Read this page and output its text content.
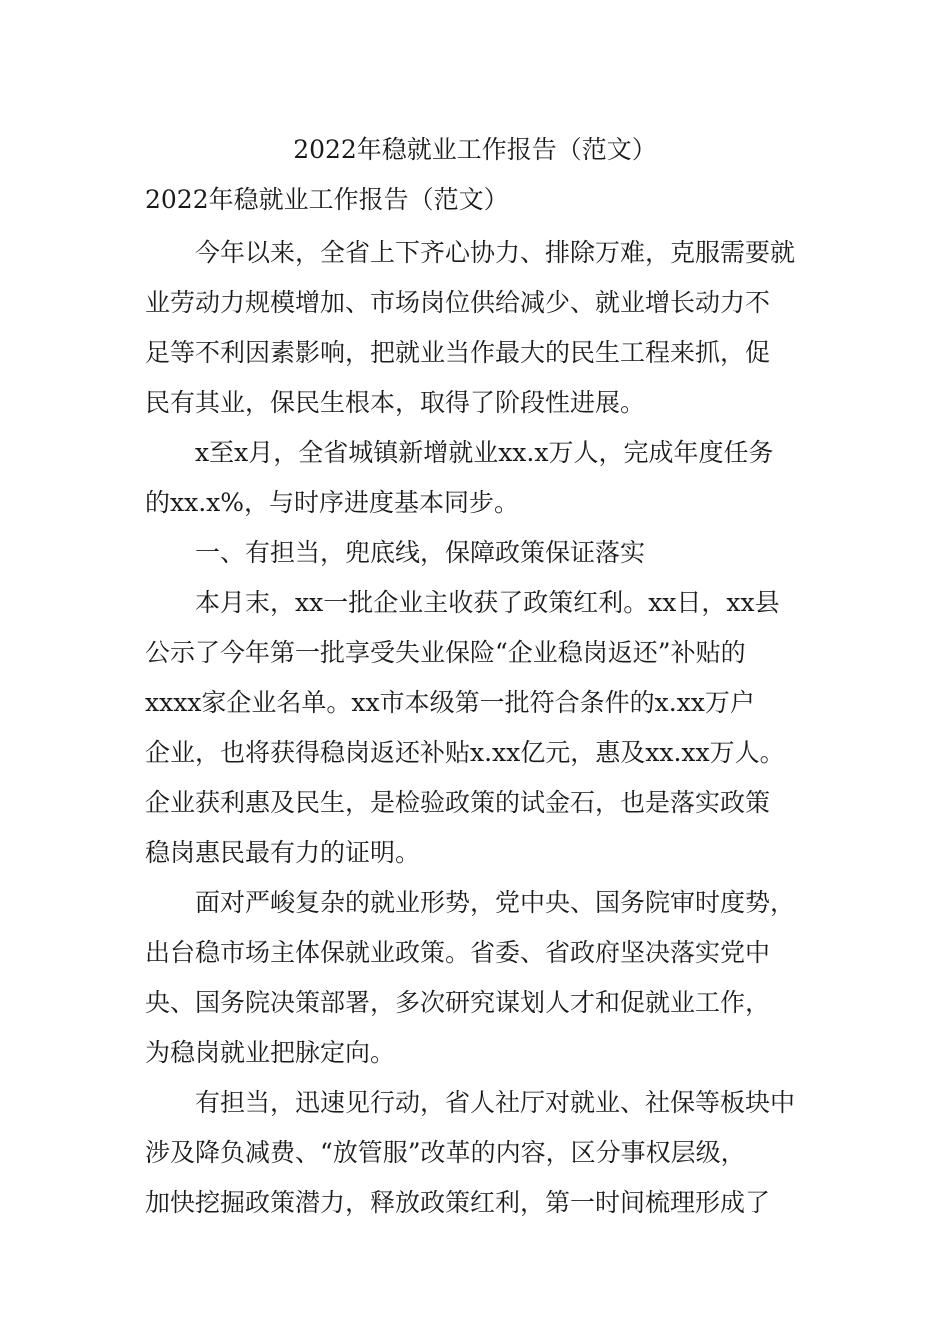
2022年稳就业工作报告（范文）
2022年稳就业工作报告（范文）

今年以来，全省上下齐心协力、排除万难，克服需要就
业劳动力规模增加、市场岗位供给减少、就业增长动力不
足等不利因素影响，把就业当作最大的民生工程来抓，促
民有其业，保民生根本，取得了阶段性进展。

x至x月，全省城镇新增就业xx.x万人，完成年度任务
的xx.x%，与时序进度基本同步。

一、有担当，兜底线，保障政策保证落实

本月末，xx一批企业主收获了政策红利。xx日，xx县
公示了今年第一批享受失业保险“企业稳岗返还”补贴的
xxxx家企业名单。xx市本级第一批符合条件的x.xx万户
企业，也将获得稳岗返还补贴x.xx亿元，惠及xx.xx万人。
企业获利惠及民生，是检验政策的试金石，也是落实政策
稳岗惠民最有力的证明。

面对严峻复杂的就业形势，党中央、国务院审时度势，
出台稳市场主体保就业政策。省委、省政府坚决落实党中
央、国务院决策部署，多次研究谋划人才和促就业工作，
为稳岗就业把脉定向。

有担当，迅速见行动，省人社厅对就业、社保等板块中
涉及降负减费、“放管服”改革的内容，区分事权层级，
加快挖掘政策潜力，释放政策红利，第一时间梳理形成了
